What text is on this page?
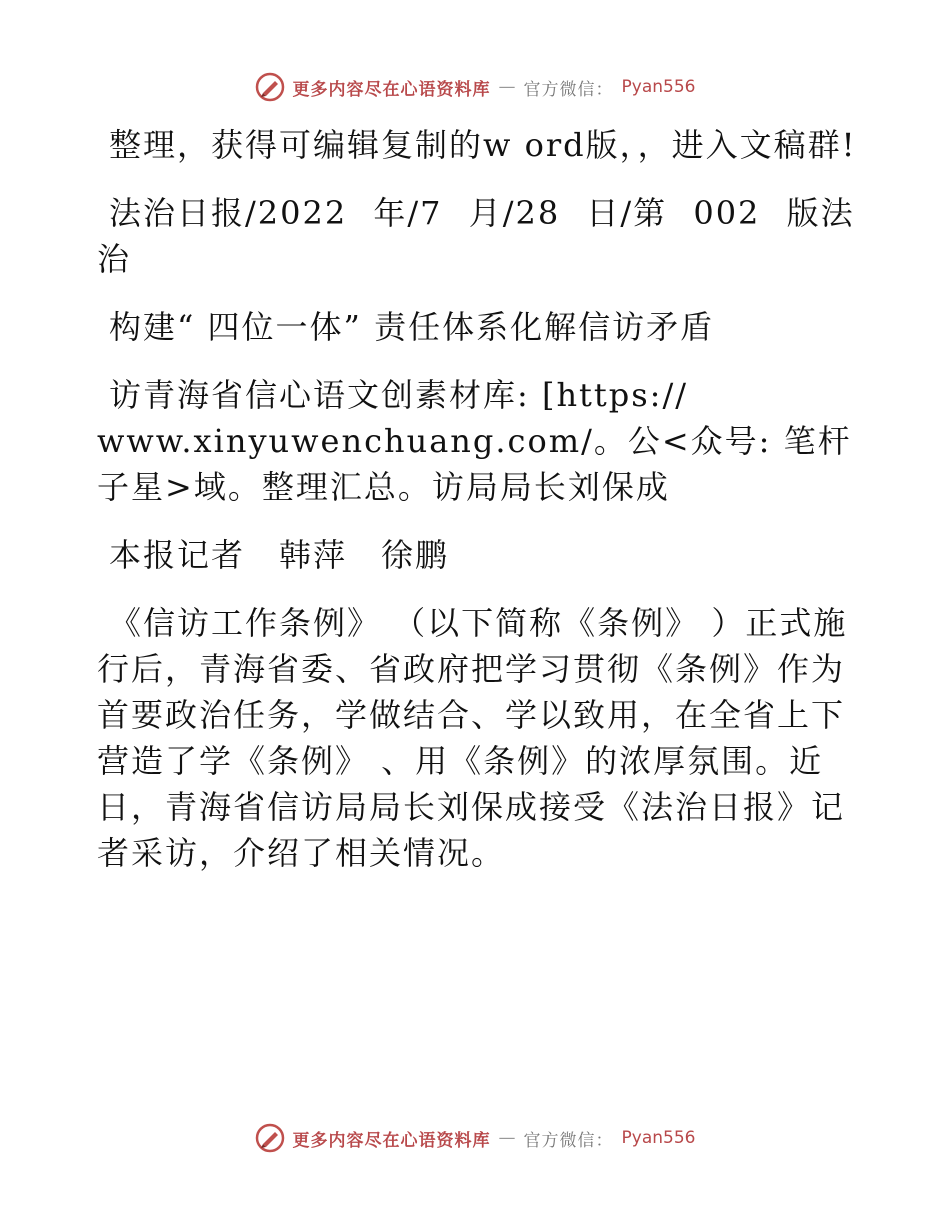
更多内容尽在心语资料库 — 官方微信： Pyan556

整理，获得可编辑复制的w ord版，，进入文稿群!

法治日报/2022 年/7 月/28 日/第 002 版法治

构建“ 四位一体” 责任体系化解信访矛盾

访青海省信心语文创素材库: [https:// www.xinyuwenchuang.com/。公<众号: 笔杆子星>域。整理汇总。访局局长刘保成

本报记者　韩萍　徐鹏

《信访工作条例》 （以下简称《条例》 ）正式施行后，青海省委、省政府把学习贯彻《条例》作为首要政治任务，学做结合、学以致用，在全省上下营造了学《条例》 、用《条例》的浓厚氛围。近日，青海省信访局局长刘保成接受《法治日报》记者采访，介绍了相关情况。

更多内容尽在心语资料库 — 官方微信： Pyan556
